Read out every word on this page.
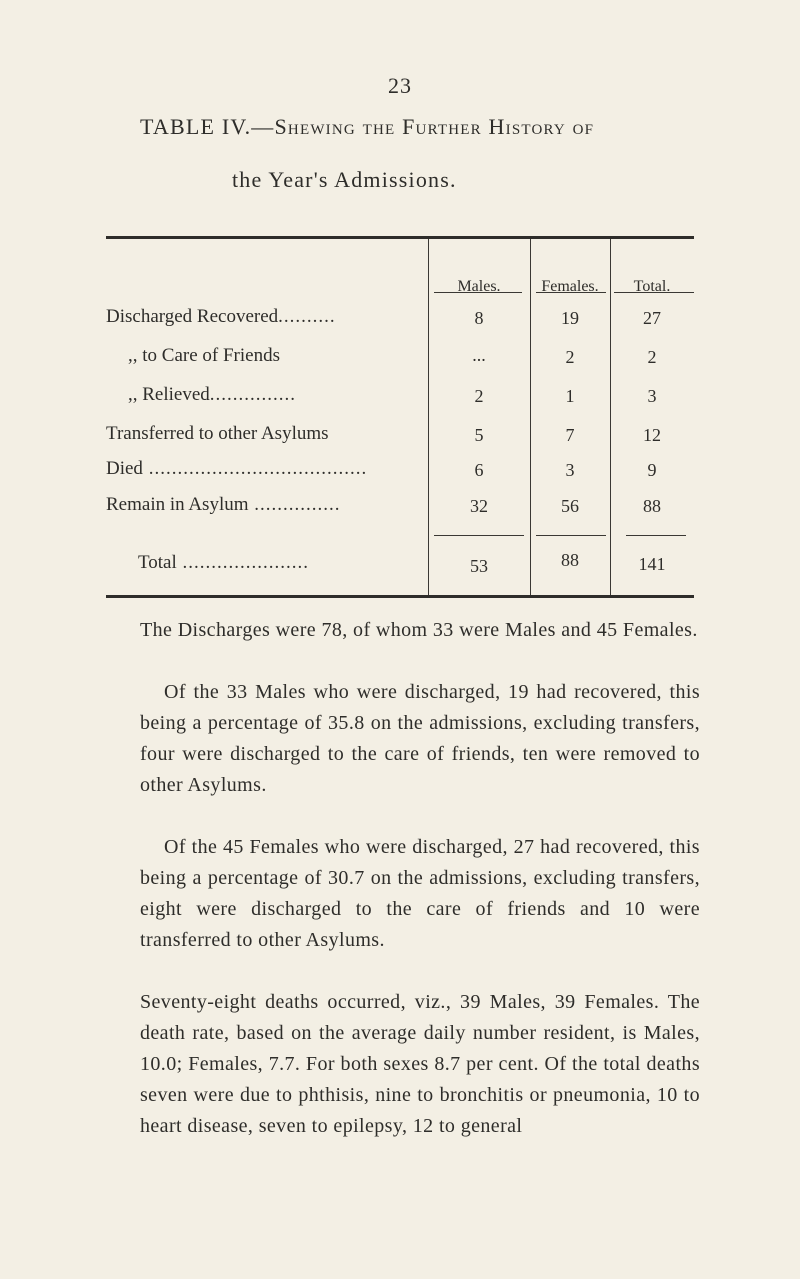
23
TABLE IV.—Shewing the Further History of
the Year's Admissions.
Males.	Females.	Total.
Discharged Recovered..........	8	19	27
,, to Care of Friends	...	2	2
,, Relieved...............	2	1	3
Transferred to other Asylums	5	7	12
Died ......................................	6	3	9
Remain in Asylum ...............	32	56	88
Total ......................	53	88	141
The Discharges were 78, of whom 33 were Males and 45 Females.
Of the 33 Males who were discharged, 19 had recovered, this being a percentage of 35.8 on the admissions, excluding transfers, four were discharged to the care of friends, ten were removed to other Asylums.
Of the 45 Females who were discharged, 27 had recovered, this being a percentage of 30.7 on the admissions, excluding transfers, eight were discharged to the care of friends and 10 were transferred to other Asylums.
Seventy-eight deaths occurred, viz., 39 Males, 39 Females. The death rate, based on the average daily number resident, is Males, 10.0; Females, 7.7. For both sexes 8.7 per cent. Of the total deaths seven were due to phthisis, nine to bronchitis or pneumonia, 10 to heart disease, seven to epilepsy, 12 to general
